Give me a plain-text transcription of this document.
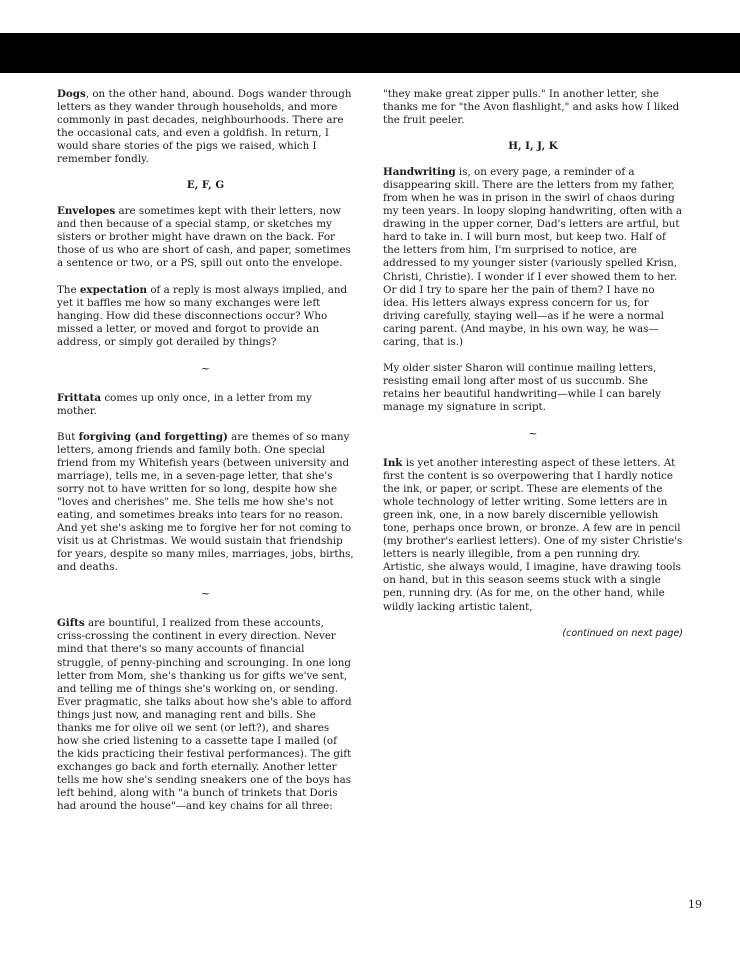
Dogs, on the other hand, abound. Dogs wander through letters as they wander through households, and more commonly in past decades, neighbourhoods. There are the occasional cats, and even a goldfish. In return, I would share stories of the pigs we raised, which I remember fondly.

E, F, G

Envelopes are sometimes kept with their letters, now and then because of a special stamp, or sketches my sisters or brother might have drawn on the back. For those of us who are short of cash, and paper, sometimes a sentence or two, or a PS, spill out onto the envelope.

The expectation of a reply is most always implied, and yet it baffles me how so many exchanges were left hanging. How did these disconnections occur? Who missed a letter, or moved and forgot to provide an address, or simply got derailed by things?

~

Frittata comes up only once, in a letter from my mother.

But forgiving (and forgetting) are themes of so many letters, among friends and family both. One special friend from my Whitefish years (between university and marriage), tells me, in a seven-page letter, that she's sorry not to have written for so long, despite how she "loves and cherishes" me. She tells me how she's not eating, and sometimes breaks into tears for no reason. And yet she's asking me to forgive her for not coming to visit us at Christmas. We would sustain that friendship for years, despite so many miles, marriages, jobs, births, and deaths.

~

Gifts are bountiful, I realized from these accounts, criss-crossing the continent in every direction. Never mind that there's so many accounts of financial struggle, of penny-pinching and scrounging. In one long letter from Mom, she's thanking us for gifts we've sent, and telling me of things she's working on, or sending. Ever pragmatic, she talks about how she's able to afford things just now, and managing rent and bills. She thanks me for olive oil we sent (or left?), and shares how she cried listening to a cassette tape I mailed (of the kids practicing their festival performances). The gift exchanges go back and forth eternally. Another letter tells me how she's sending sneakers one of the boys has left behind, along with "a bunch of trinkets that Doris had around the house"—and key chains for all three:

"they make great zipper pulls." In another letter, she thanks me for "the Avon flashlight," and asks how I liked the fruit peeler.

H, I, J, K

Handwriting is, on every page, a reminder of a disappearing skill. There are the letters from my father, from when he was in prison in the swirl of chaos during my teen years. In loopy sloping handwriting, often with a drawing in the upper corner, Dad's letters are artful, but hard to take in. I will burn most, but keep two. Half of the letters from him, I'm surprised to notice, are addressed to my younger sister (variously spelled Krisn, Christi, Christie). I wonder if I ever showed them to her. Or did I try to spare her the pain of them? I have no idea. His letters always express concern for us, for driving carefully, staying well—as if he were a normal caring parent. (And maybe, in his own way, he was—caring, that is.)

My older sister Sharon will continue mailing letters, resisting email long after most of us succumb. She retains her beautiful handwriting—while I can barely manage my signature in script.

~

Ink is yet another interesting aspect of these letters. At first the content is so overpowering that I hardly notice the ink, or paper, or script. These are elements of the whole technology of letter writing. Some letters are in green ink, one, in a now barely discernible yellowish tone, perhaps once brown, or bronze. A few are in pencil (my brother's earliest letters). One of my sister Christie's letters is nearly illegible, from a pen running dry. Artistic, she always would, I imagine, have drawing tools on hand, but in this season seems stuck with a single pen, running dry. (As for me, on the other hand, while wildly lacking artistic talent,

(continued on next page)
19
